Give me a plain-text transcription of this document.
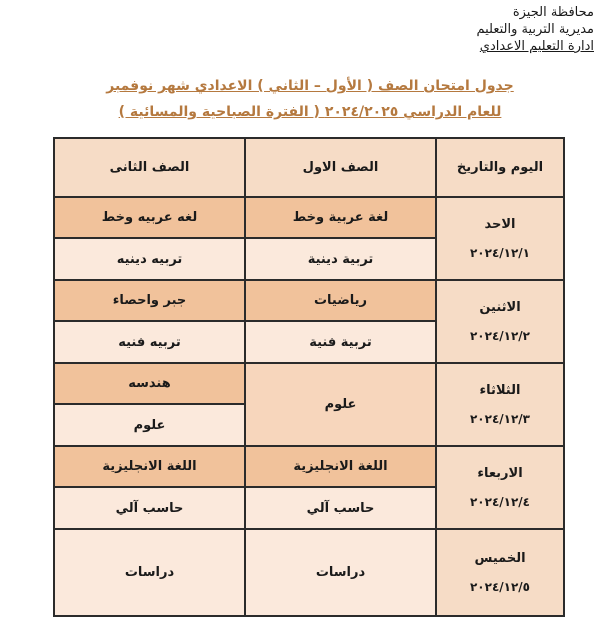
محافظة الجيزة
مديرية التربية والتعليم
ادارة التعليم الاعدادي
جدول امتحان الصف ( الأول – الثاني ) الاعدادي شهر نوفمبر
للعام الدراسي ٢٠٢٤/٢٠٢٥ ( الفترة الصباحية والمسائية )
اليوم والتاريخ	الصف الاول	الصف الثانى

الاحد
٢٠٢٤/١٢/١	لغة عربية وخط	لغه عربيه وخط
	تربية دينية	تربيه دينيه

الاثنين
٢٠٢٤/١٢/٢	رياضيات	جبر واحصاء
	تربية فنية	تربيه فنيه

الثلاثاء
٢٠٢٤/١٢/٣	علوم	هندسه
		علوم

الاربعاء
٢٠٢٤/١٢/٤	اللغة الانجليزية	اللغة الانجليزية
	حاسب آلي	حاسب آلي

الخميس
٢٠٢٤/١٢/٥	دراسات	دراسات
